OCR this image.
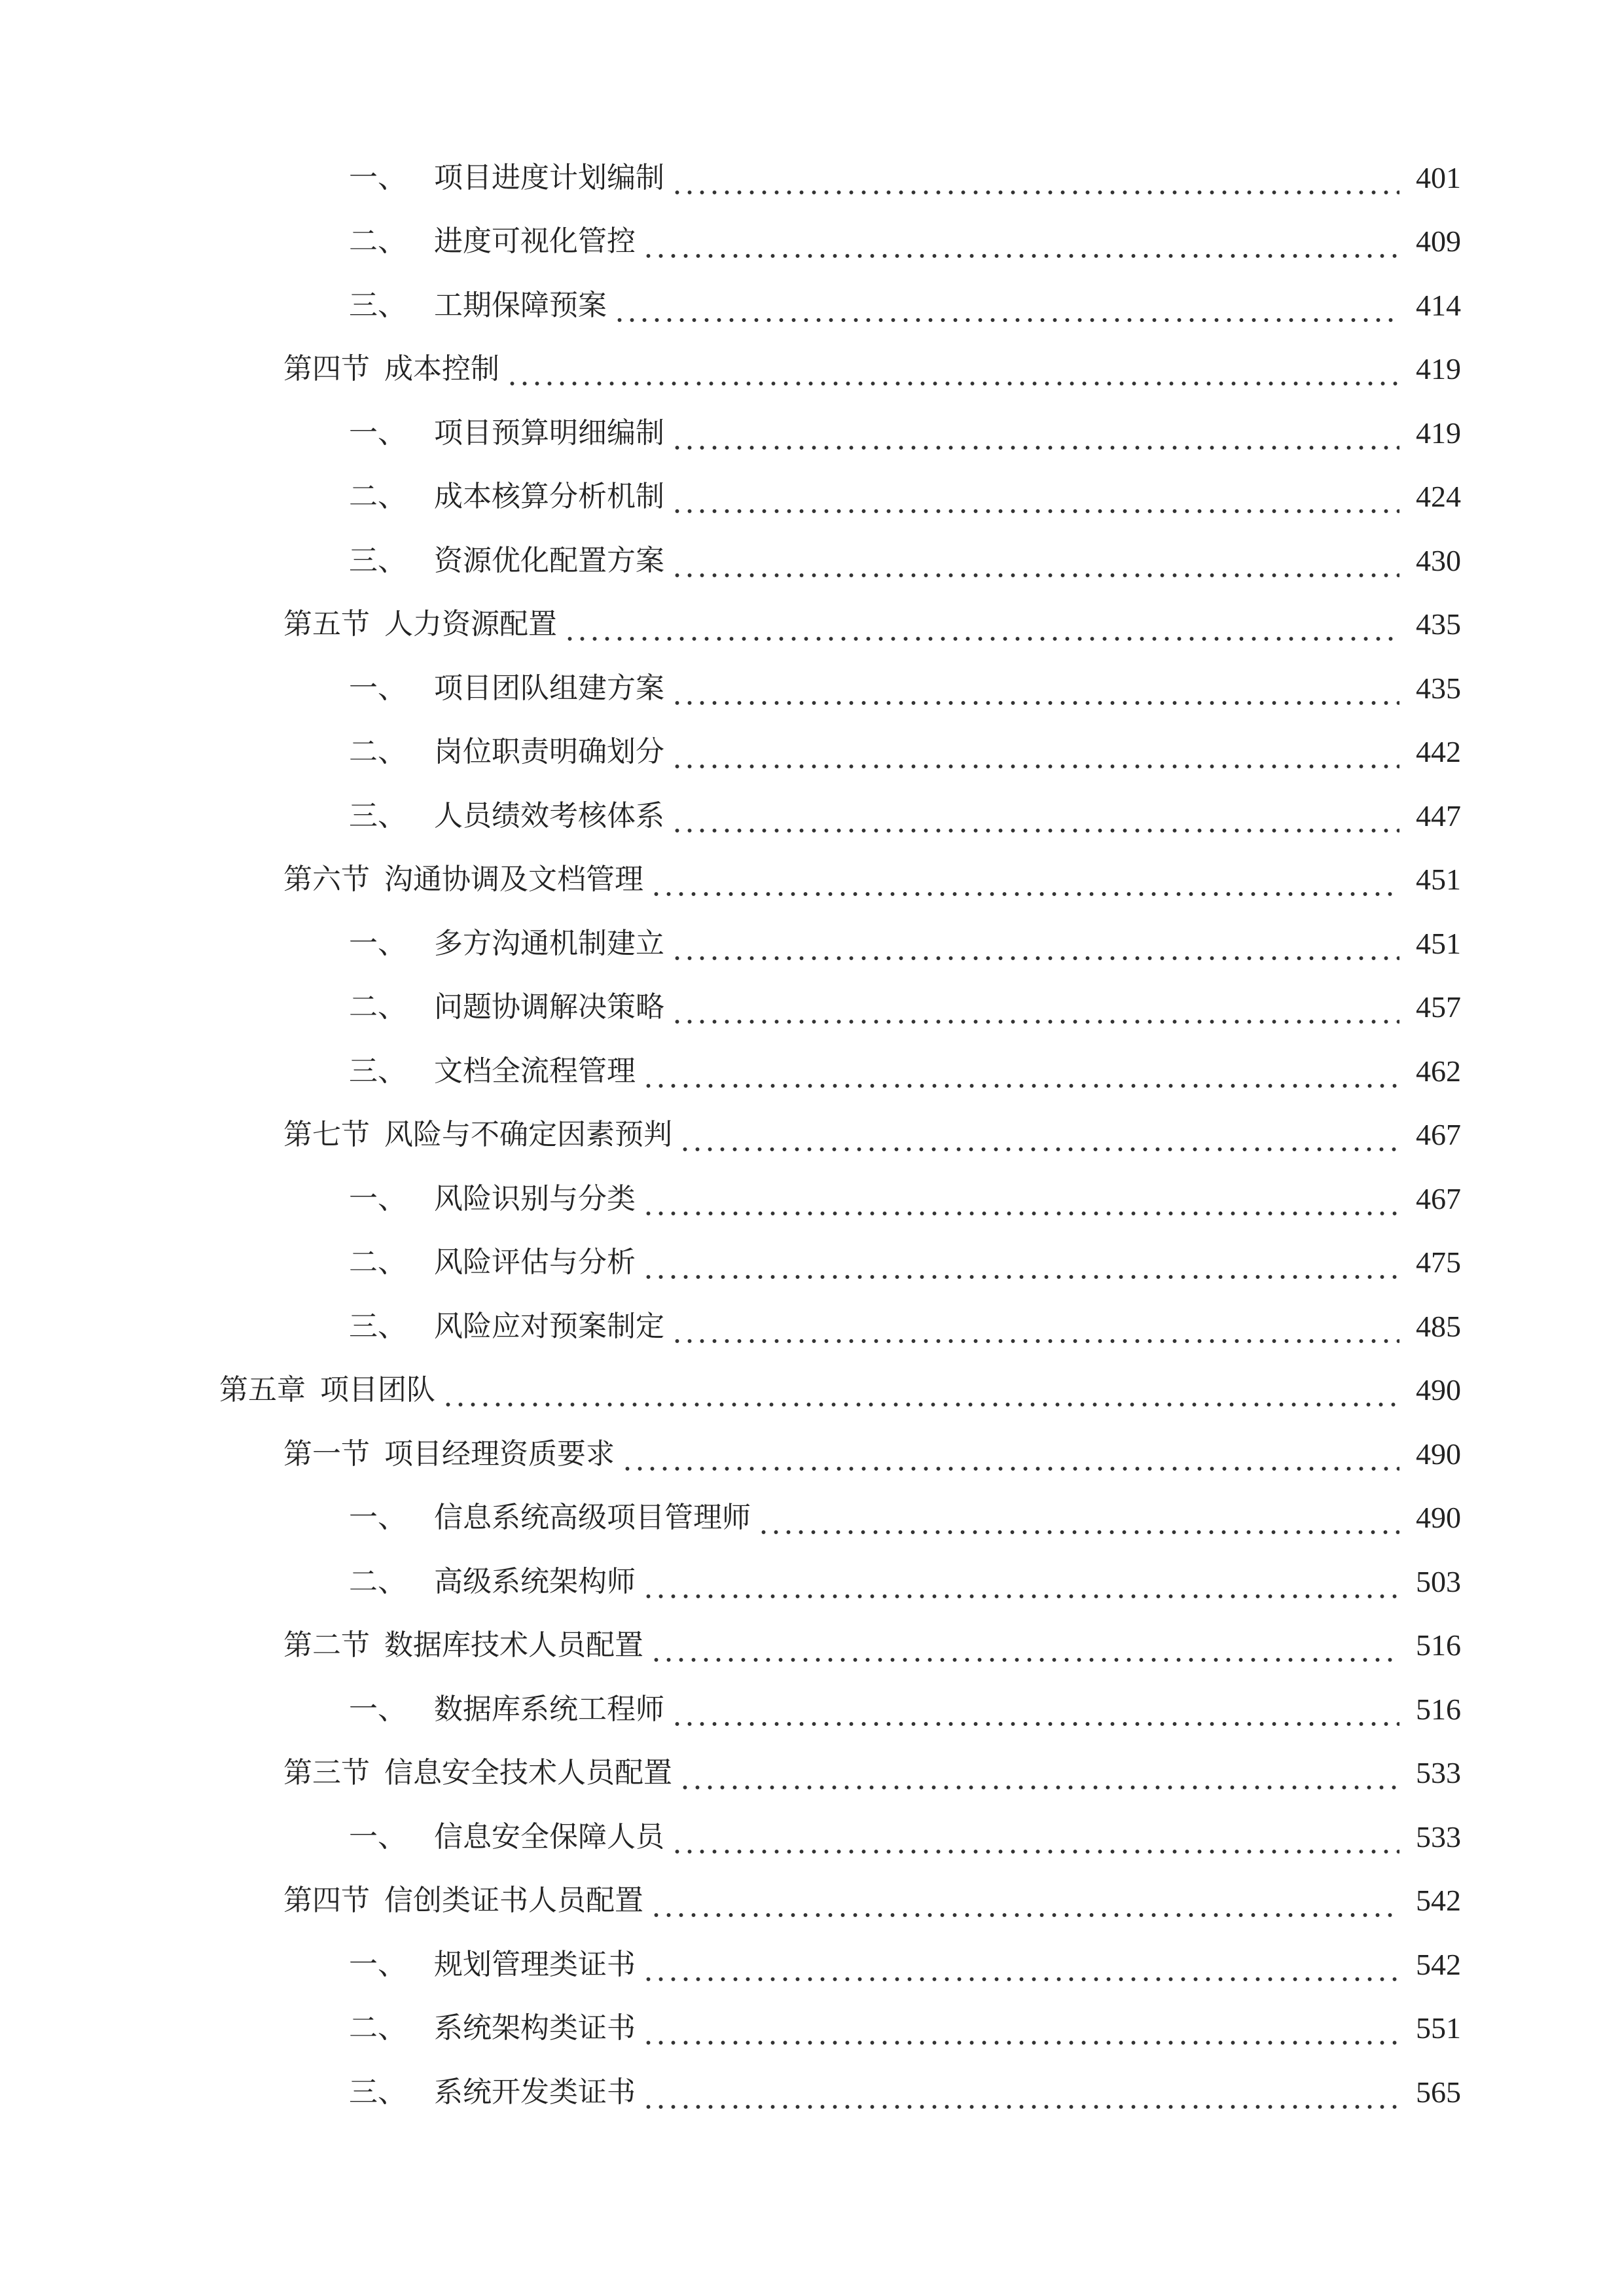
一、 项目进度计划编制	401
二、 进度可视化管控	409
三、 工期保障预案	414
第四节 成本控制	419
一、 项目预算明细编制	419
二、 成本核算分析机制	424
三、 资源优化配置方案	430
第五节 人力资源配置	435
一、 项目团队组建方案	435
二、 岗位职责明确划分	442
三、 人员绩效考核体系	447
第六节 沟通协调及文档管理	451
一、 多方沟通机制建立	451
二、 问题协调解决策略	457
三、 文档全流程管理	462
第七节 风险与不确定因素预判	467
一、 风险识别与分类	467
二、 风险评估与分析	475
三、 风险应对预案制定	485
第五章 项目团队	490
第一节 项目经理资质要求	490
一、 信息系统高级项目管理师	490
二、 高级系统架构师	503
第二节 数据库技术人员配置	516
一、 数据库系统工程师	516
第三节 信息安全技术人员配置	533
一、 信息安全保障人员	533
第四节 信创类证书人员配置	542
一、 规划管理类证书	542
二、 系统架构类证书	551
三、 系统开发类证书	565
